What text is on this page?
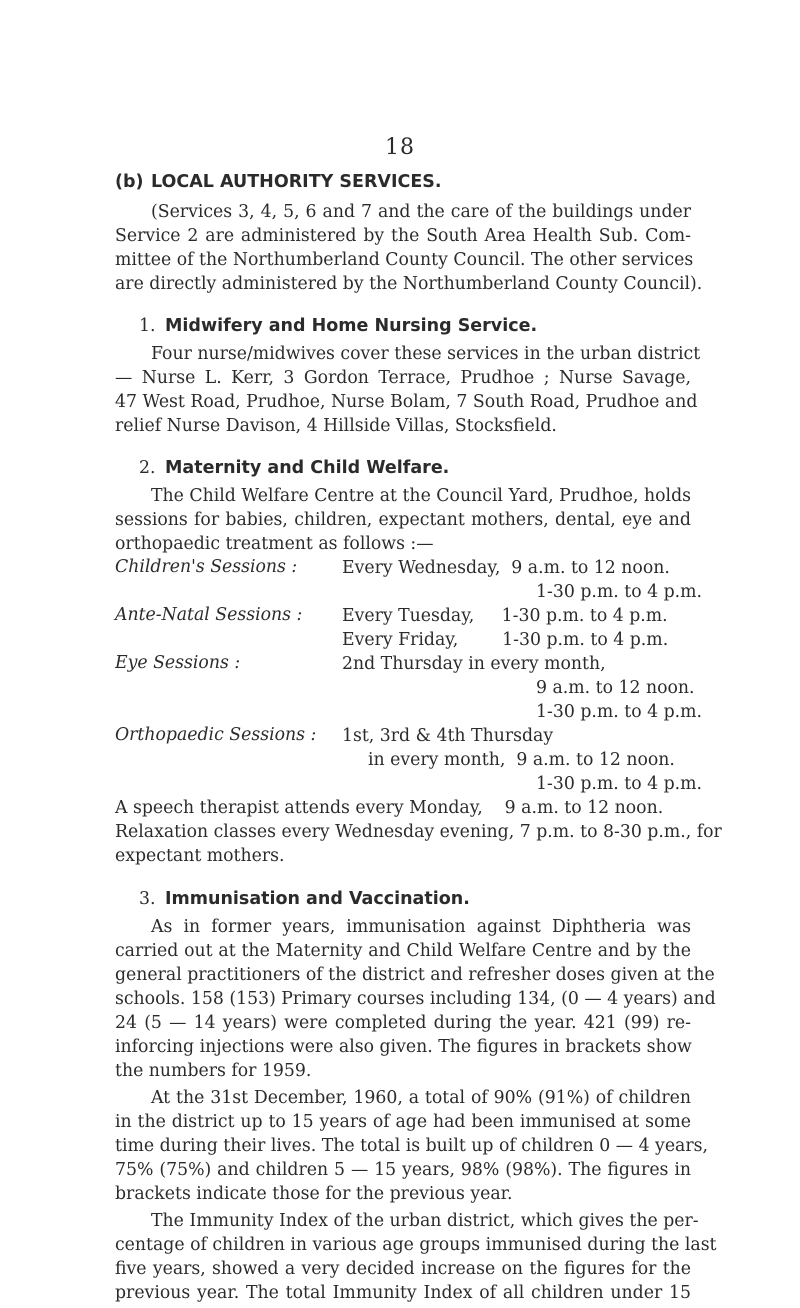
18
(b) LOCAL AUTHORITY SERVICES.
(Services 3, 4, 5, 6 and 7 and the care of the buildings under
Service 2 are administered by the South Area Health Sub. Com-
mittee of the Northumberland County Council. The other services
are directly administered by the Northumberland County Council).
1. Midwifery and Home Nursing Service.
Four nurse/midwives cover these services in the urban district
— Nurse L. Kerr, 3 Gordon Terrace, Prudhoe ; Nurse Savage,
47 West Road, Prudhoe, Nurse Bolam, 7 South Road, Prudhoe and
relief Nurse Davison, 4 Hillside Villas, Stocksfield.
2. Maternity and Child Welfare.
The Child Welfare Centre at the Council Yard, Prudhoe, holds
sessions for babies, children, expectant mothers, dental, eye and
orthopaedic treatment as follows :—
Children's Sessions :	Every Wednesday,  9 a.m. to 12 noon.
1-30 p.m. to 4 p.m.
Ante-Natal Sessions : Every Tuesday,     1-30 p.m. to 4 p.m.
Every Friday,        1-30 p.m. to 4 p.m.
Eye Sessions :	2nd Thursday in every month,
9 a.m. to 12 noon.
1-30 p.m. to 4 p.m.
Orthopaedic Sessions : 1st, 3rd & 4th Thursday
in every month,  9 a.m. to 12 noon.
1-30 p.m. to 4 p.m.
A speech therapist attends every Monday,    9 a.m. to 12 noon.
Relaxation classes every Wednesday evening, 7 p.m. to 8-30 p.m., for
expectant mothers.
3. Immunisation and Vaccination.
As in former years, immunisation against Diphtheria was
carried out at the Maternity and Child Welfare Centre and by the
general practitioners of the district and refresher doses given at the
schools. 158 (153) Primary courses including 134, (0 — 4 years) and
24 (5 — 14 years) were completed during the year. 421 (99) re-
inforcing injections were also given. The figures in brackets show
the numbers for 1959.
At the 31st December, 1960, a total of 90% (91%) of children
in the district up to 15 years of age had been immunised at some
time during their lives. The total is built up of children 0 — 4 years,
75% (75%) and children 5 — 15 years, 98% (98%). The figures in
brackets indicate those for the previous year.
The Immunity Index of the urban district, which gives the per-
centage of children in various age groups immunised during the last
five years, showed a very decided increase on the figures for the
previous year. The total Immunity Index of all children under 15
